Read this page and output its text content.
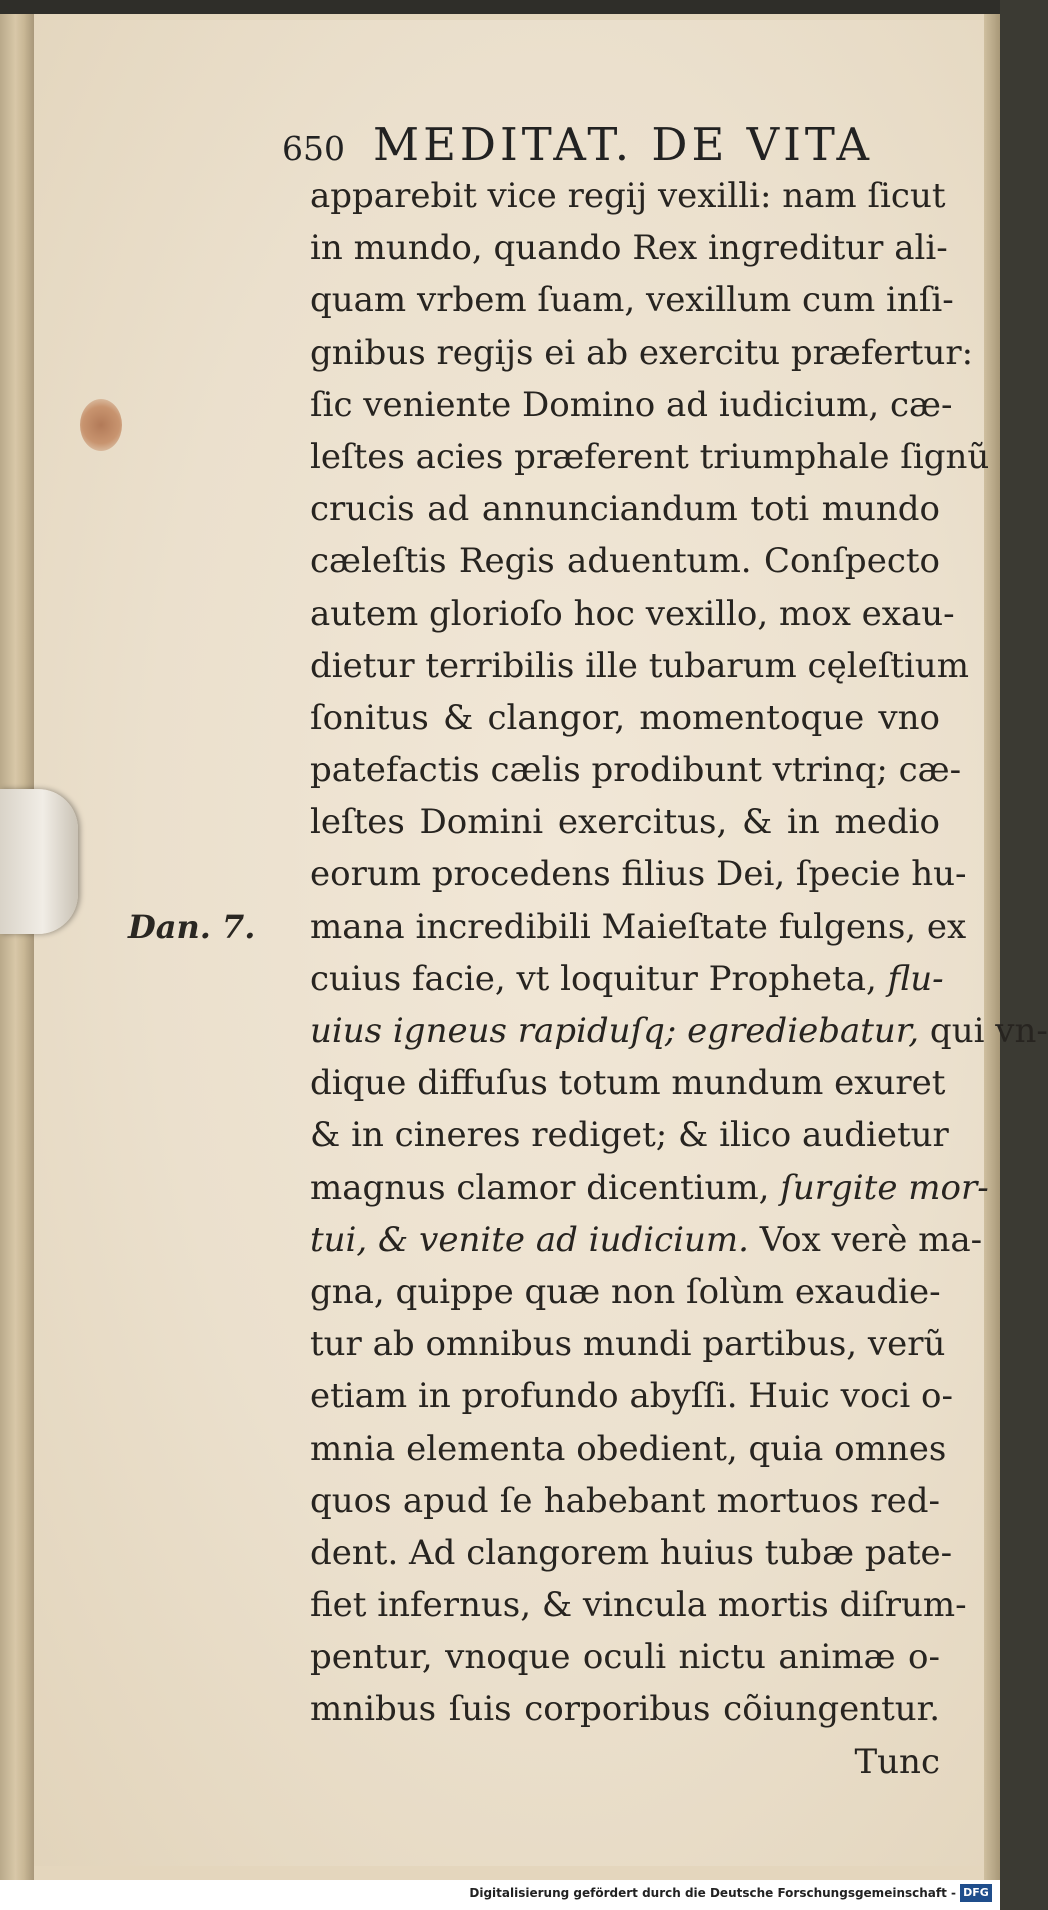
650 MEDITAT. DE VITA
Dan. 7.
apparebit vice regij vexilli: nam ſicut
in mundo, quando Rex ingreditur ali-
quam vrbem ſuam, vexillum cum inſi-
gnibus regijs ei ab exercitu præfertur:
ſic veniente Domino ad iudicium, cæ-
leſtes acies præferent triumphale ſignũ
crucis ad annunciandum toti mundo
cæleſtis Regis aduentum. Conſpecto
autem glorioſo hoc vexillo, mox exau-
dietur terribilis ille tubarum cęleſtium
ſonitus & clangor, momentoque vno
patefactis cælis prodibunt vtrinq; cæ-
leſtes Domini exercitus, & in medio
eorum procedens filius Dei, ſpecie hu-
mana incredibili Maieſtate fulgens, ex
cuius facie, vt loquitur Propheta, flu-
uius igneus rapiduſq; egrediebatur, qui vn-
dique diffuſus totum mundum exuret
& in cineres rediget; & ilico audietur
magnus clamor dicentium, ſurgite mor-
tui, & venite ad iudicium. Vox verè ma-
gna, quippe quæ non ſolùm exaudie-
tur ab omnibus mundi partibus, verũ
etiam in profundo abyſſi. Huic voci o-
mnia elementa obedient, quia omnes
quos apud ſe habebant mortuos red-
dent. Ad clangorem huius tubæ pate-
fiet infernus, & vincula mortis diſrum-
pentur, vnoque oculi nictu animæ o-
mnibus ſuis corporibus cõiungentur.
Tunc
Digitalisierung gefördert durch die Deutsche Forschungsgemeinschaft - DFG
